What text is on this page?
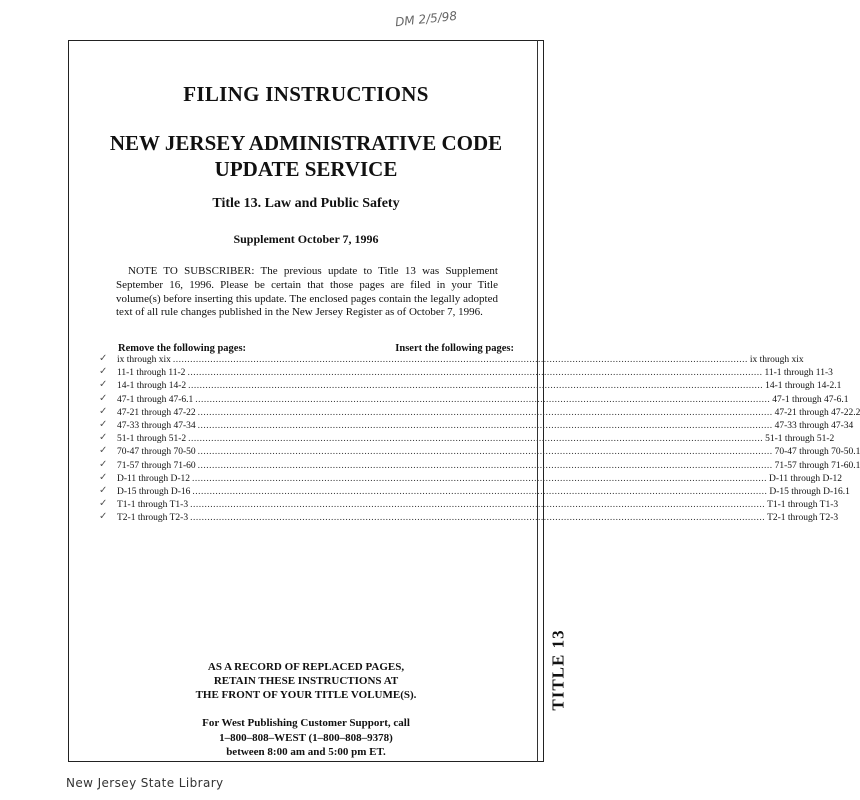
DM 2/5/98
FILING INSTRUCTIONS
NEW JERSEY ADMINISTRATIVE CODE
UPDATE SERVICE
Title 13. Law and Public Safety
Supplement October 7, 1996
NOTE TO SUBSCRIBER: The previous update to Title 13 was Supplement September 16, 1996. Please be certain that those pages are filed in your Title volume(s) before inserting this update. The enclosed pages contain the legally adopted text of all rule changes published in the New Jersey Register as of October 7, 1996.
Remove the following pages:	Insert the following pages:
✓
✓
✓
✓
✓
✓
✓
✓
✓
✓
✓
✓
✓
ix through xix ........................................................................................................................................................................................................ ix through xix
11-1 through 11-2 ........................................................................................................................................................................................................ 11-1 through 11-3
14-1 through 14-2 ........................................................................................................................................................................................................ 14-1 through 14-2.1
47-1 through 47-6.1 ........................................................................................................................................................................................................ 47-1 through 47-6.1
47-21 through 47-22 ........................................................................................................................................................................................................ 47-21 through 47-22.2
47-33 through 47-34 ........................................................................................................................................................................................................ 47-33 through 47-34
51-1 through 51-2 ........................................................................................................................................................................................................ 51-1 through 51-2
70-47 through 70-50 ........................................................................................................................................................................................................ 70-47 through 70-50.1
71-57 through 71-60 ........................................................................................................................................................................................................ 71-57 through 71-60.1
D-11 through D-12 ........................................................................................................................................................................................................ D-11 through D-12
D-15 through D-16 ........................................................................................................................................................................................................ D-15 through D-16.1
T1-1 through T1-3 ........................................................................................................................................................................................................ T1-1 through T1-3
T2-1 through T2-3 ........................................................................................................................................................................................................ T2-1 through T2-3
AS A RECORD OF REPLACED PAGES,
RETAIN THESE INSTRUCTIONS AT
THE FRONT OF YOUR TITLE VOLUME(S).
For West Publishing Customer Support, call
1–800–808–WEST (1–800–808–9378)
between 8:00 am and 5:00 pm ET.
TITLE 13
New Jersey State Library
